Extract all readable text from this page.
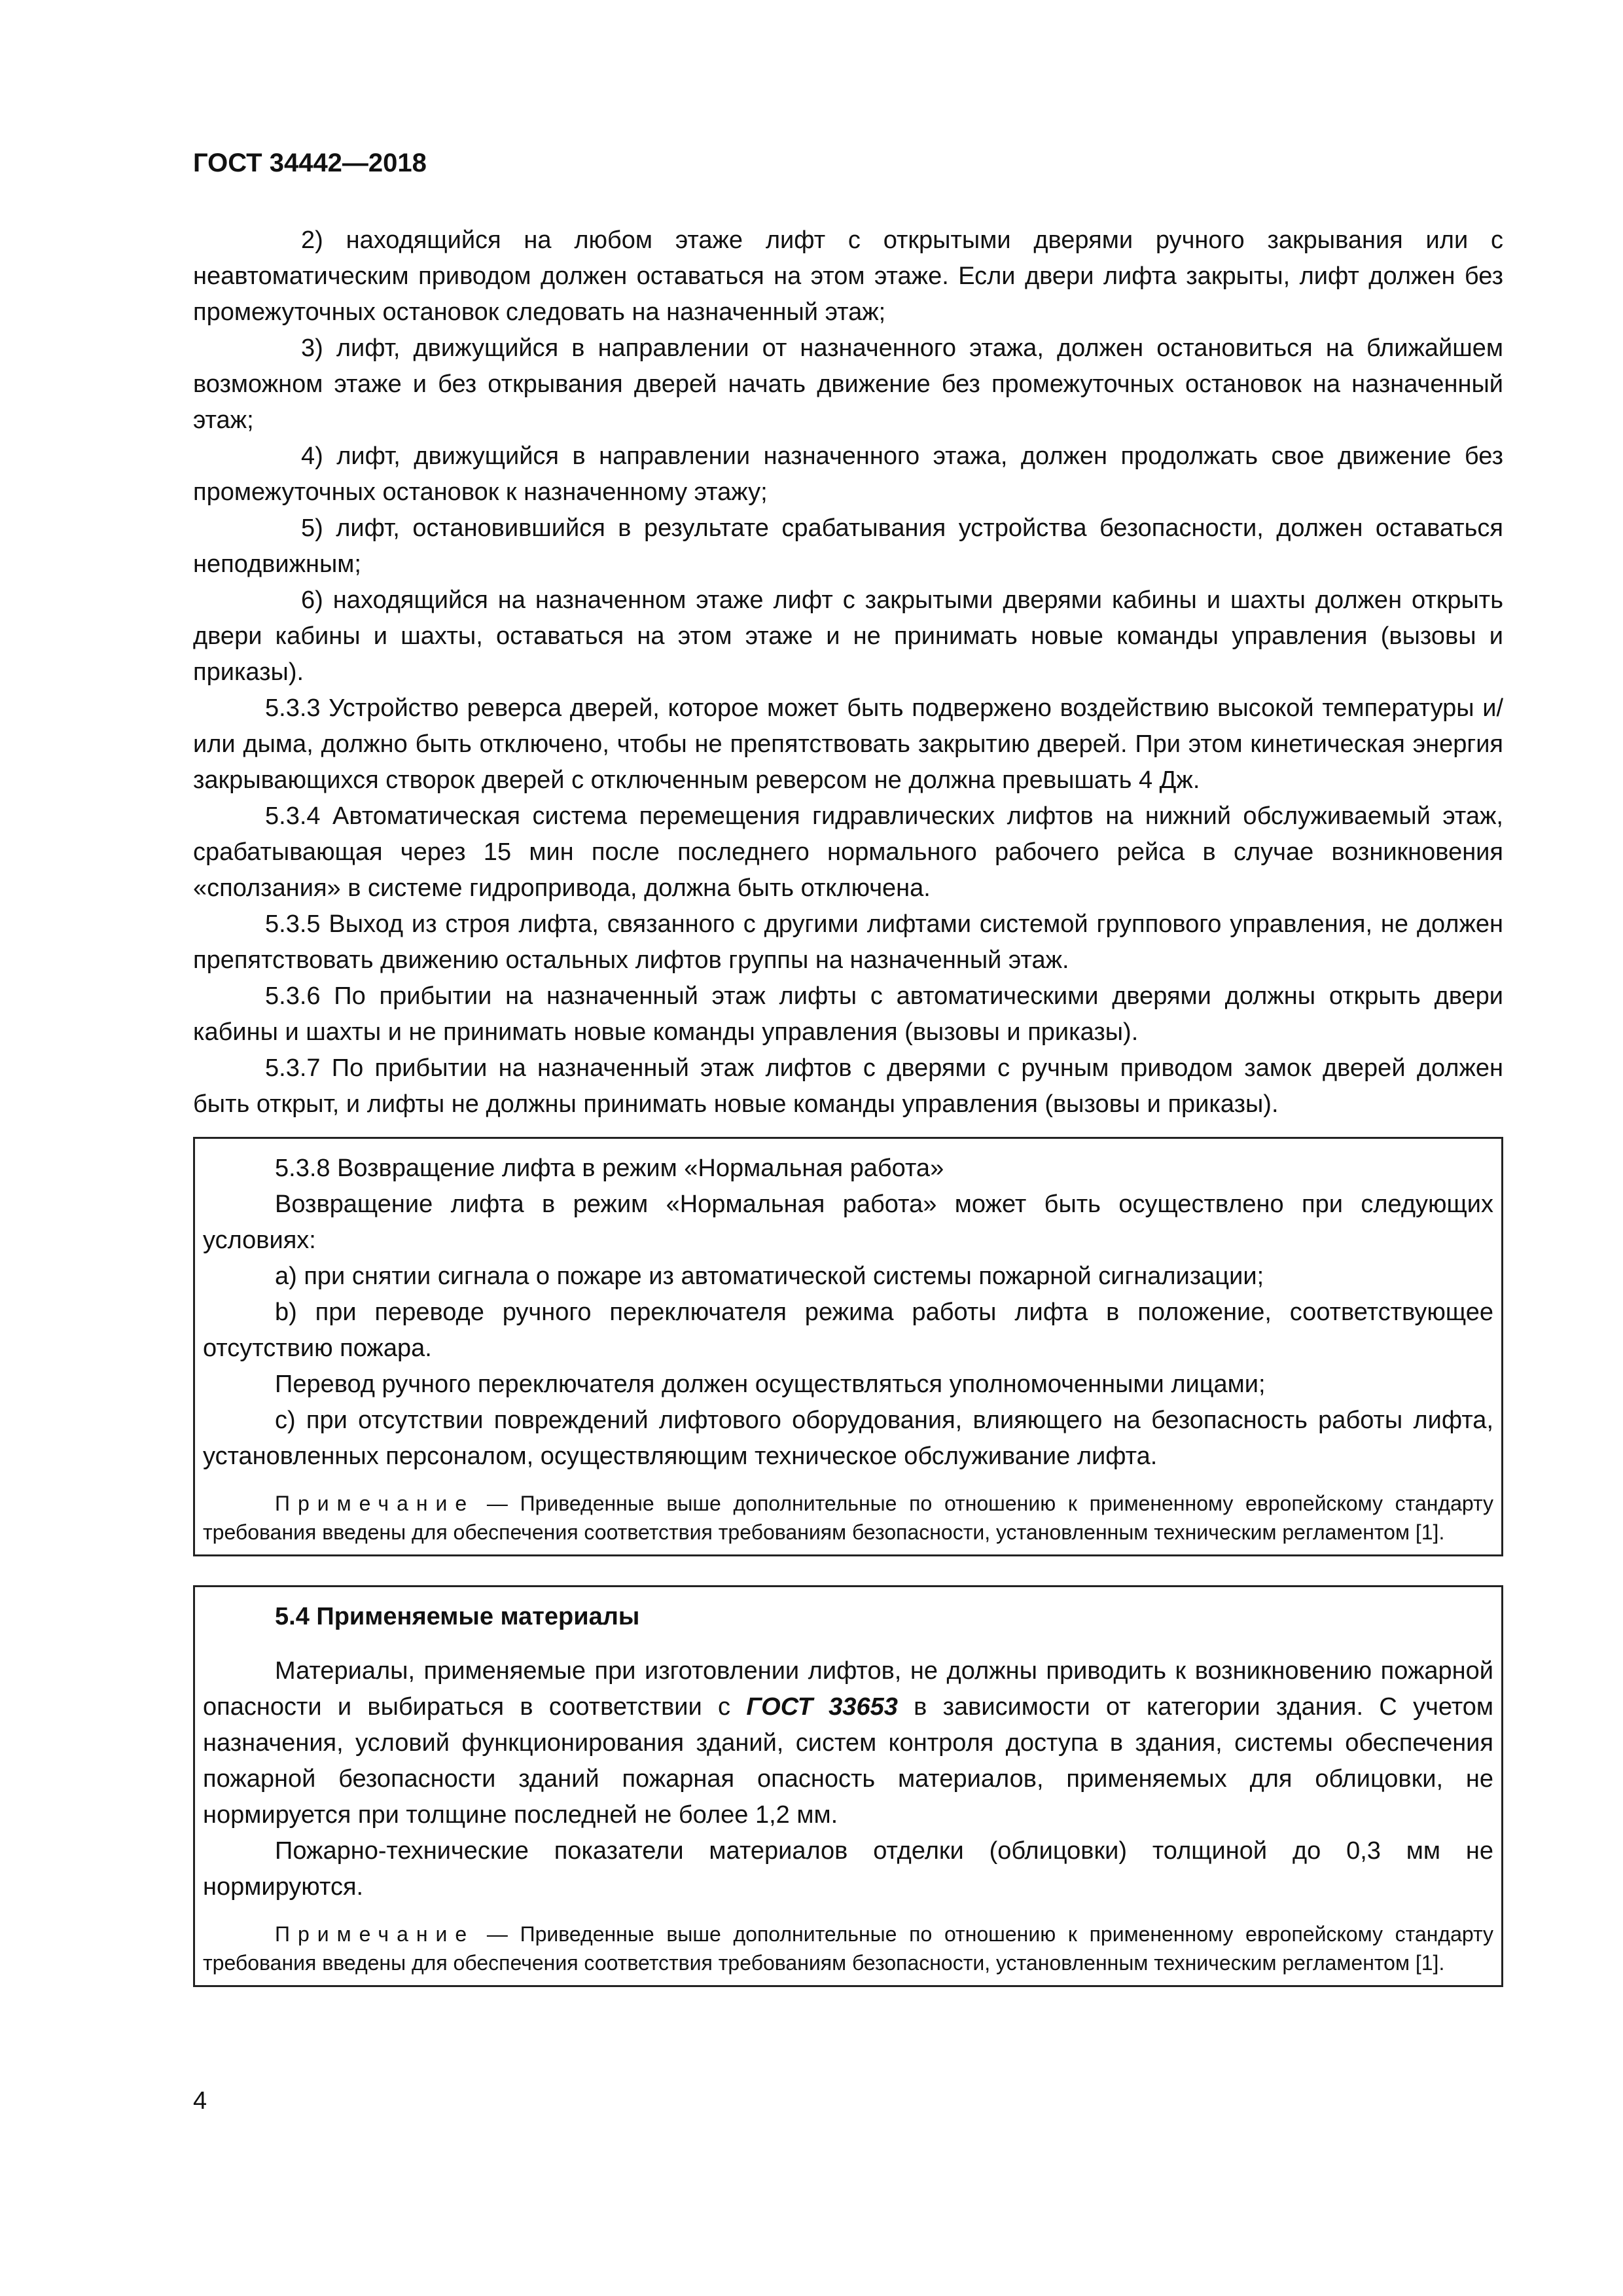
ГОСТ 34442—2018

2) находящийся на любом этаже лифт с открытыми дверями ручного закрывания или с неавтоматическим приводом должен оставаться на этом этаже. Если двери лифта закрыты, лифт должен без промежуточных остановок следовать на назначенный этаж;

3) лифт, движущийся в направлении от назначенного этажа, должен остановиться на ближайшем возможном этаже и без открывания дверей начать движение без промежуточных остановок на назначенный этаж;

4) лифт, движущийся в направлении назначенного этажа, должен продолжать свое движение без промежуточных остановок к назначенному этажу;

5) лифт, остановившийся в результате срабатывания устройства безопасности, должен оставаться неподвижным;

6) находящийся на назначенном этаже лифт с закрытыми дверями кабины и шахты должен открыть двери кабины и шахты, оставаться на этом этаже и не принимать новые команды управления (вызовы и приказы).

5.3.3 Устройство реверса дверей, которое может быть подвержено воздействию высокой температуры и/или дыма, должно быть отключено, чтобы не препятствовать закрытию дверей. При этом кинетическая энергия закрывающихся створок дверей с отключенным реверсом не должна превышать 4 Дж.

5.3.4 Автоматическая система перемещения гидравлических лифтов на нижний обслуживаемый этаж, срабатывающая через 15 мин после последнего нормального рабочего рейса в случае возникновения «сползания» в системе гидропривода, должна быть отключена.

5.3.5 Выход из строя лифта, связанного с другими лифтами системой группового управления, не должен препятствовать движению остальных лифтов группы на назначенный этаж.

5.3.6 По прибытии на назначенный этаж лифты с автоматическими дверями должны открыть двери кабины и шахты и не принимать новые команды управления (вызовы и приказы).

5.3.7 По прибытии на назначенный этаж лифтов с дверями с ручным приводом замок дверей должен быть открыт, и лифты не должны принимать новые команды управления (вызовы и приказы).

5.3.8 Возвращение лифта в режим «Нормальная работа»

Возвращение лифта в режим «Нормальная работа» может быть осуществлено при следующих условиях:

а) при снятии сигнала о пожаре из автоматической системы пожарной сигнализации;

b) при переводе ручного переключателя режима работы лифта в положение, соответствующее отсутствию пожара.

Перевод ручного переключателя должен осуществляться уполномоченными лицами;

с) при отсутствии повреждений лифтового оборудования, влияющего на безопасность работы лифта, установленных персоналом, осуществляющим техническое обслуживание лифта.

Примечание — Приведенные выше дополнительные по отношению к примененному европейскому стандарту требования введены для обеспечения соответствия требованиям безопасности, установленным техническим регламентом [1].

5.4 Применяемые материалы

Материалы, применяемые при изготовлении лифтов, не должны приводить к возникновению пожарной опасности и выбираться в соответствии с ГОСТ 33653 в зависимости от категории здания. С учетом назначения, условий функционирования зданий, систем контроля доступа в здания, системы обеспечения пожарной безопасности зданий пожарная опасность материалов, применяемых для облицовки, не нормируется при толщине последней не более 1,2 мм.

Пожарно-технические показатели материалов отделки (облицовки) толщиной до 0,3 мм не нормируются.

Примечание — Приведенные выше дополнительные по отношению к примененному европейскому стандарту требования введены для обеспечения соответствия требованиям безопасности, установленным техническим регламентом [1].

4
